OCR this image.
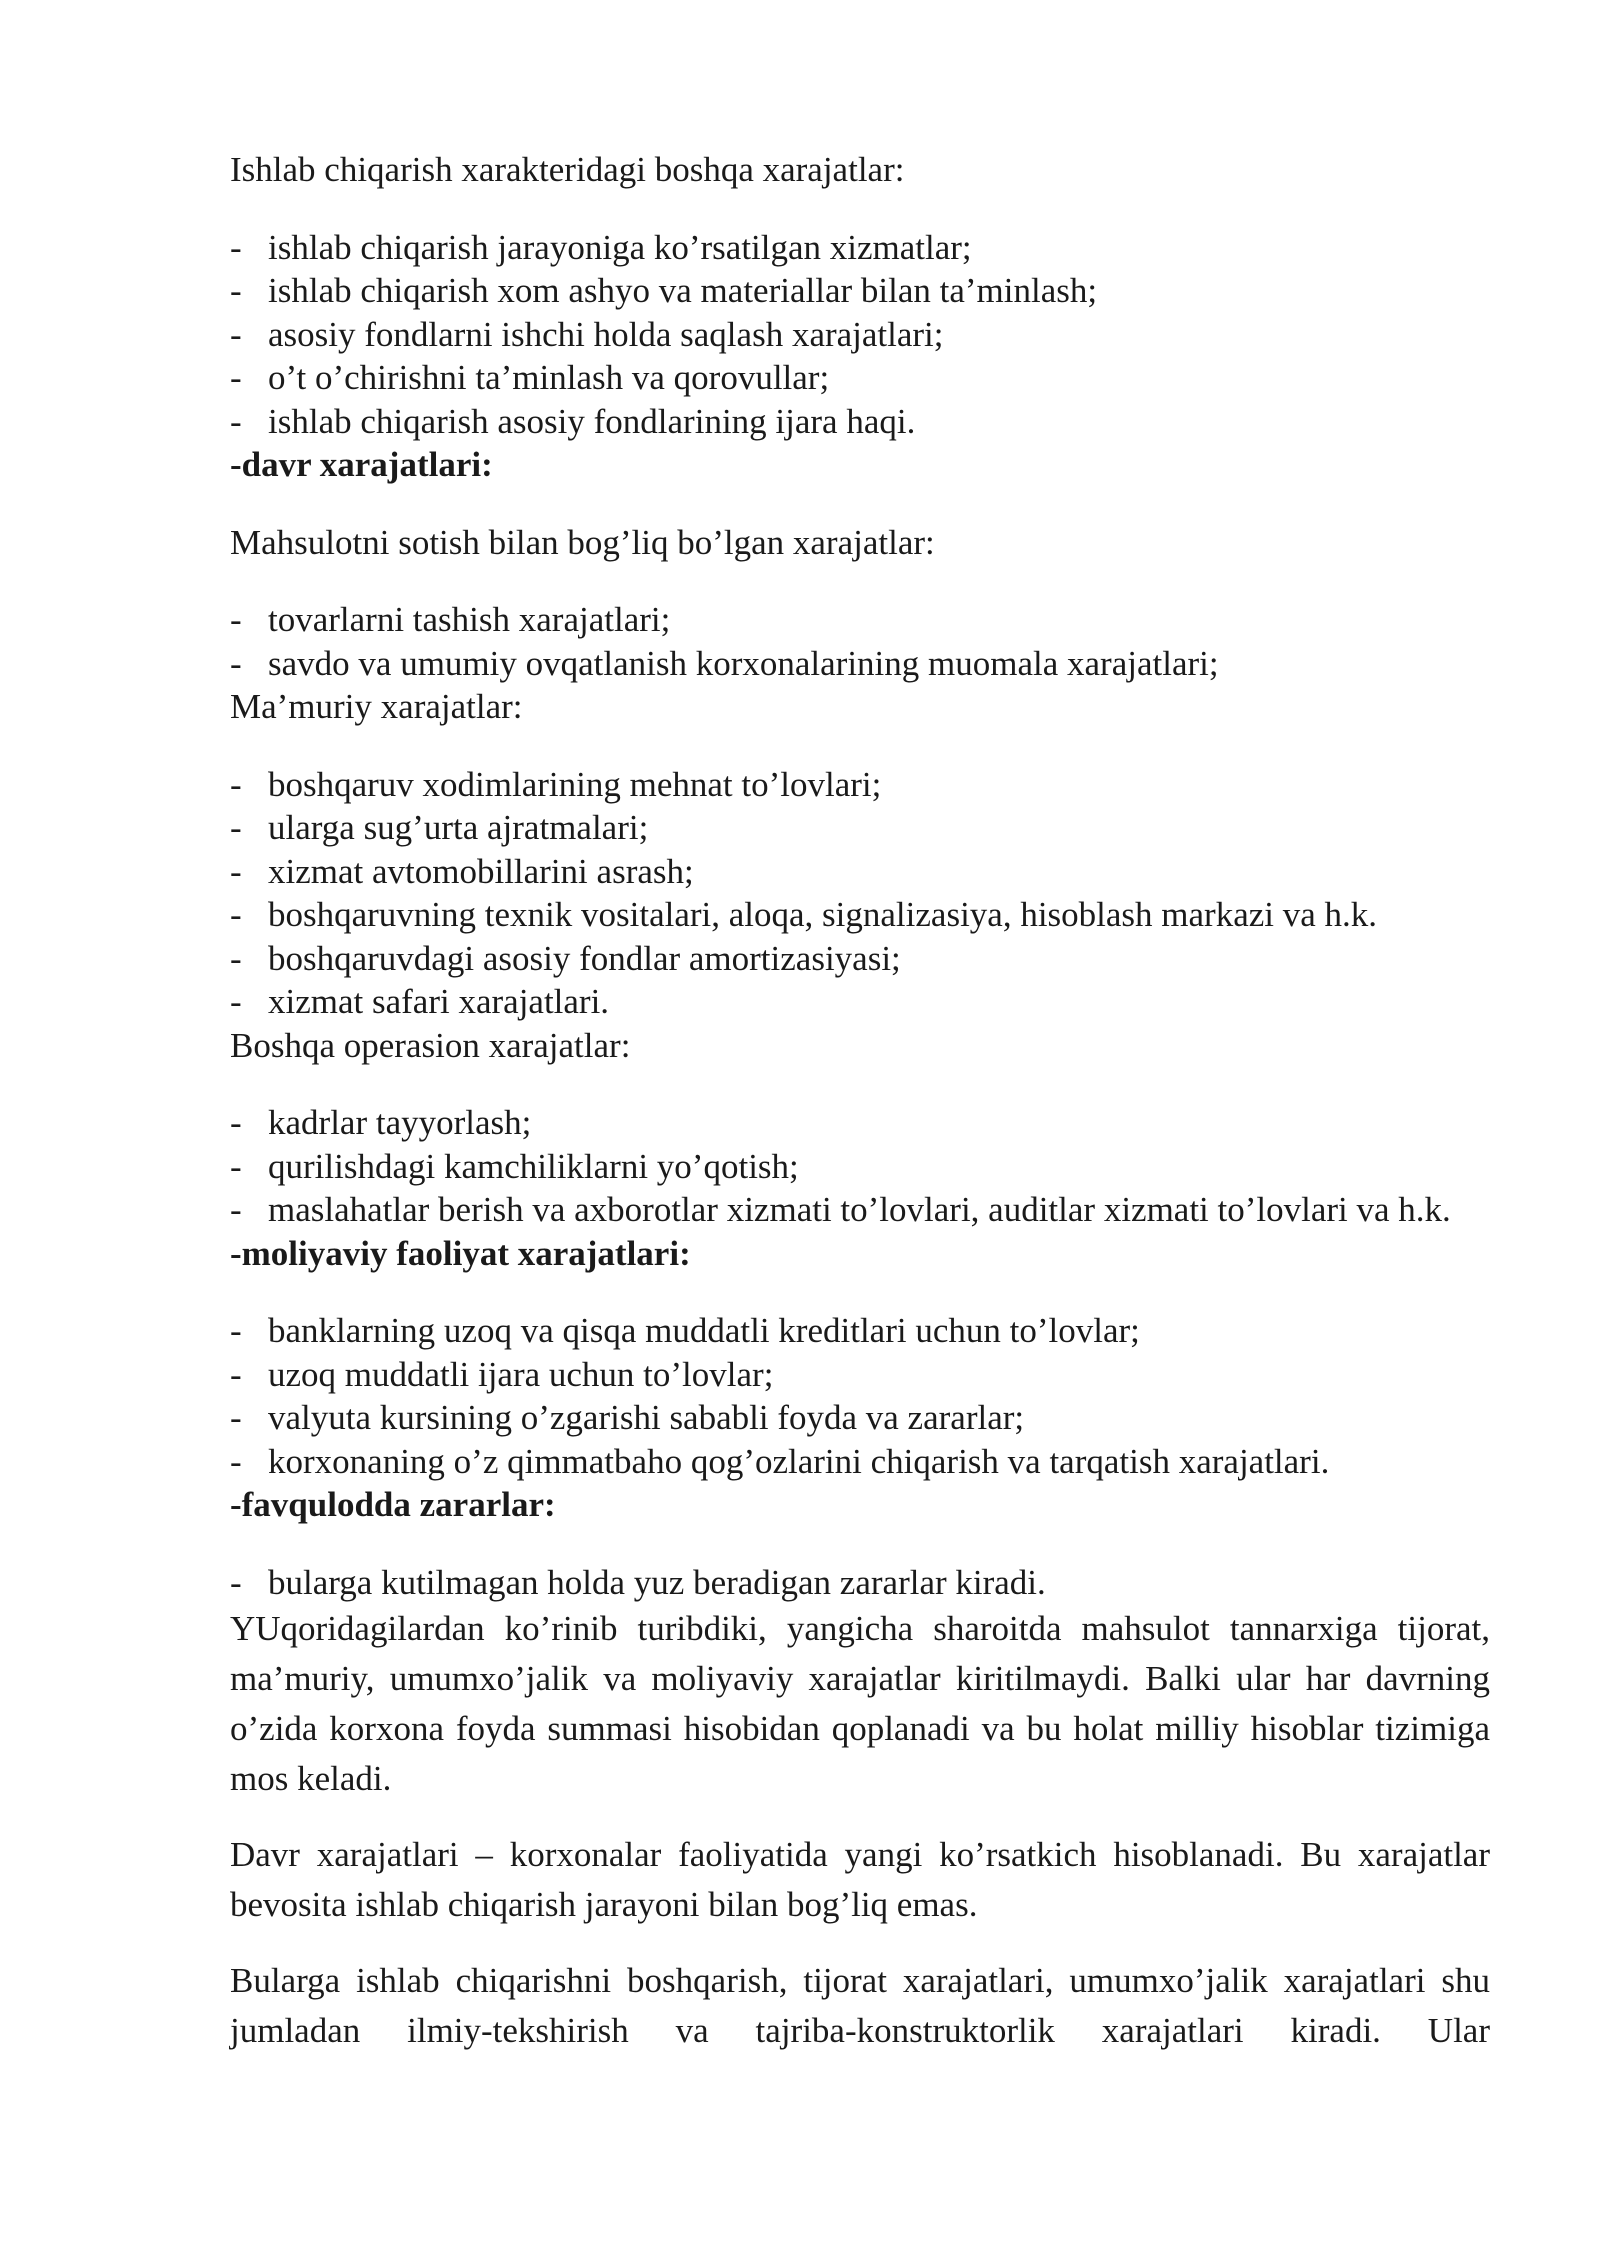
Ishlab chiqarish xarakteridagi boshqa xarajatlar:

- ishlab chiqarish jarayoniga ko’rsatilgan xizmatlar;
- ishlab chiqarish xom ashyo va materiallar bilan ta’minlash;
- asosiy fondlarni ishchi holda saqlash xarajatlari;
- o’t o’chirishni ta’minlash va qorovullar;
- ishlab chiqarish asosiy fondlarining ijara haqi.

-davr xarajatlari:

Mahsulotni sotish bilan bog’liq bo’lgan xarajatlar:

- tovarlarni tashish xarajatlari;
- savdo va umumiy ovqatlanish korxonalarining muomala xarajatlari;

Ma’muriy xarajatlar:

- boshqaruv xodimlarining mehnat to’lovlari;
- ularga sug’urta ajratmalari;
- xizmat avtomobillarini asrash;
- boshqaruvning texnik vositalari, aloqa, signalizasiya, hisoblash markazi va h.k.
- boshqaruvdagi asosiy fondlar amortizasiyasi;
- xizmat safari xarajatlari.

Boshqa operasion xarajatlar:

- kadrlar tayyorlash;
- qurilishdagi kamchiliklarni yo’qotish;
- maslahatlar berish va axborotlar xizmati to’lovlari, auditlar xizmati to’lovlari va h.k.

-moliyaviy faoliyat xarajatlari:

- banklarning uzoq va qisqa muddatli kreditlari uchun to’lovlar;
- uzoq muddatli ijara uchun to’lovlar;
- valyuta kursining o’zgarishi sababli foyda va zararlar;
- korxonaning o’z qimmatbaho qog’ozlarini chiqarish va tarqatish xarajatlari.

-favqulodda zararlar:

- bularga kutilmagan holda yuz beradigan zararlar kiradi.

YUqoridagilardan ko’rinib turibdiki, yangicha sharoitda mahsulot tannarxiga tijorat, ma’muriy, umumxo’jalik va moliyaviy xarajatlar kiritilmaydi. Balki ular har davrning o’zida korxona foyda summasi hisobidan qoplanadi va bu holat milliy hisoblar tizimiga mos keladi.

Davr xarajatlari – korxonalar faoliyatida yangi ko’rsatkich hisoblanadi. Bu xarajatlar bevosita ishlab chiqarish jarayoni bilan bog’liq emas.

Bularga ishlab chiqarishni boshqarish, tijorat xarajatlari, umumxo’jalik xarajatlari shu jumladan ilmiy-tekshirish va tajriba-konstruktorlik xarajatlari kiradi. Ular
